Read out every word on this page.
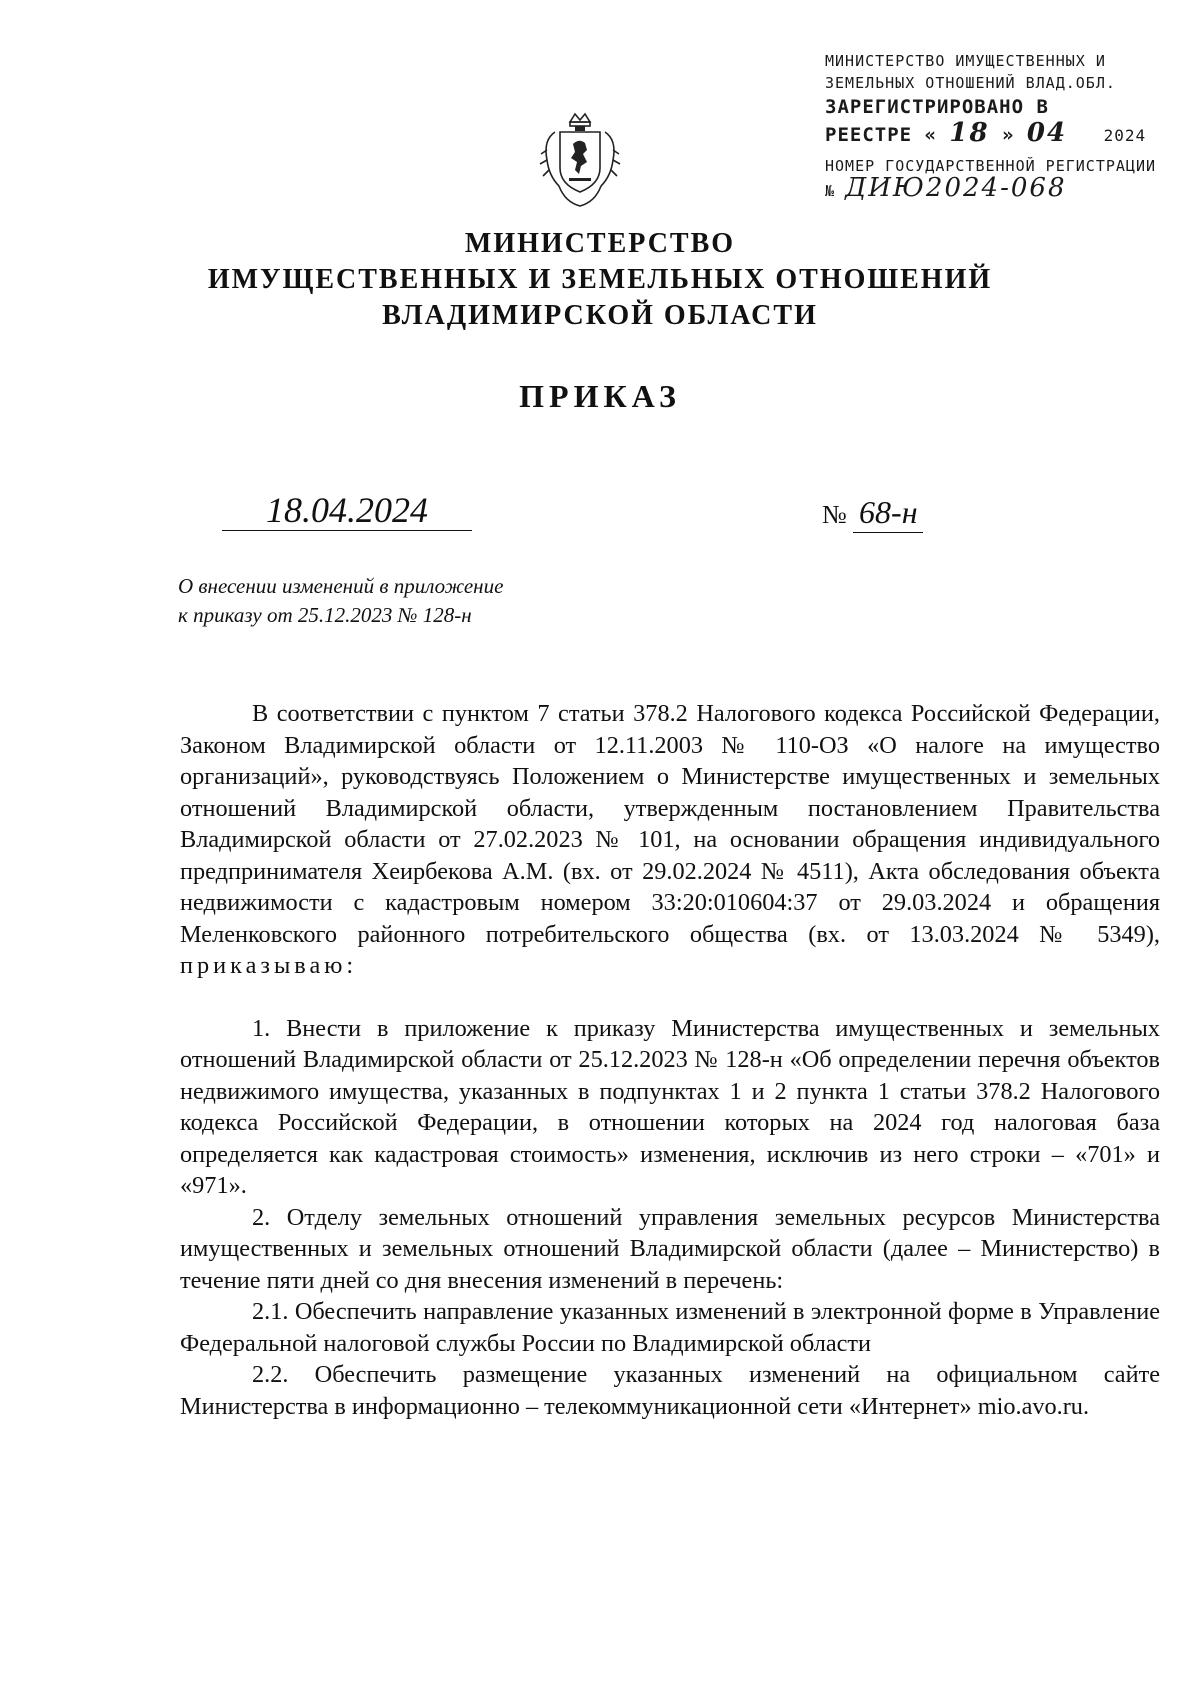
МИНИСТЕРСТВО ИМУЩЕСТВЕННЫХ И
ЗЕМЕЛЬНЫХ ОТНОШЕНИЙ ВЛАД.ОБЛ.
ЗАРЕГИСТРИРОВАНО В
РЕЕСТРЕ « 18 » 04 2024
НОМЕР ГОСУДАРСТВЕННОЙ РЕГИСТРАЦИИ
№ ДИЮ2024-068
МИНИСТЕРСТВО
ИМУЩЕСТВЕННЫХ И ЗЕМЕЛЬНЫХ ОТНОШЕНИЙ
ВЛАДИМИРСКОЙ ОБЛАСТИ
ПРИКАЗ
18.04.2024	№ 68-н
О внесении изменений в приложение
к приказу от 25.12.2023 № 128-н

В соответствии с пунктом 7 статьи 378.2 Налогового кодекса Российской Федерации, Законом Владимирской области от 12.11.2003 № 110-ОЗ «О налоге на имущество организаций», руководствуясь Положением о Министерстве имущественных и земельных отношений Владимирской области, утвержденным постановлением Правительства Владимирской области от 27.02.2023 № 101, на основании обращения индивидуального предпринимателя Хеирбекова А.М. (вх. от 29.02.2024 № 4511), Акта обследования объекта недвижимости с кадастровым номером 33:20:010604:37 от 29.03.2024 и обращения Меленковского районного потребительского общества (вх. от 13.03.2024 № 5349), приказываю:

1. Внести в приложение к приказу Министерства имущественных и земельных отношений Владимирской области от 25.12.2023 № 128-н «Об определении перечня объектов недвижимого имущества, указанных в подпунктах 1 и 2 пункта 1 статьи 378.2 Налогового кодекса Российской Федерации, в отношении которых на 2024 год налоговая база определяется как кадастровая стоимость» изменения, исключив из него строки – «701» и «971».

2. Отделу земельных отношений управления земельных ресурсов Министерства имущественных и земельных отношений Владимирской области (далее – Министерство) в течение пяти дней со дня внесения изменений в перечень:

2.1. Обеспечить направление указанных изменений в электронной форме в Управление Федеральной налоговой службы России по Владимирской области

2.2. Обеспечить размещение указанных изменений на официальном сайте Министерства в информационно – телекоммуникационной сети «Интернет» mio.avo.ru.
